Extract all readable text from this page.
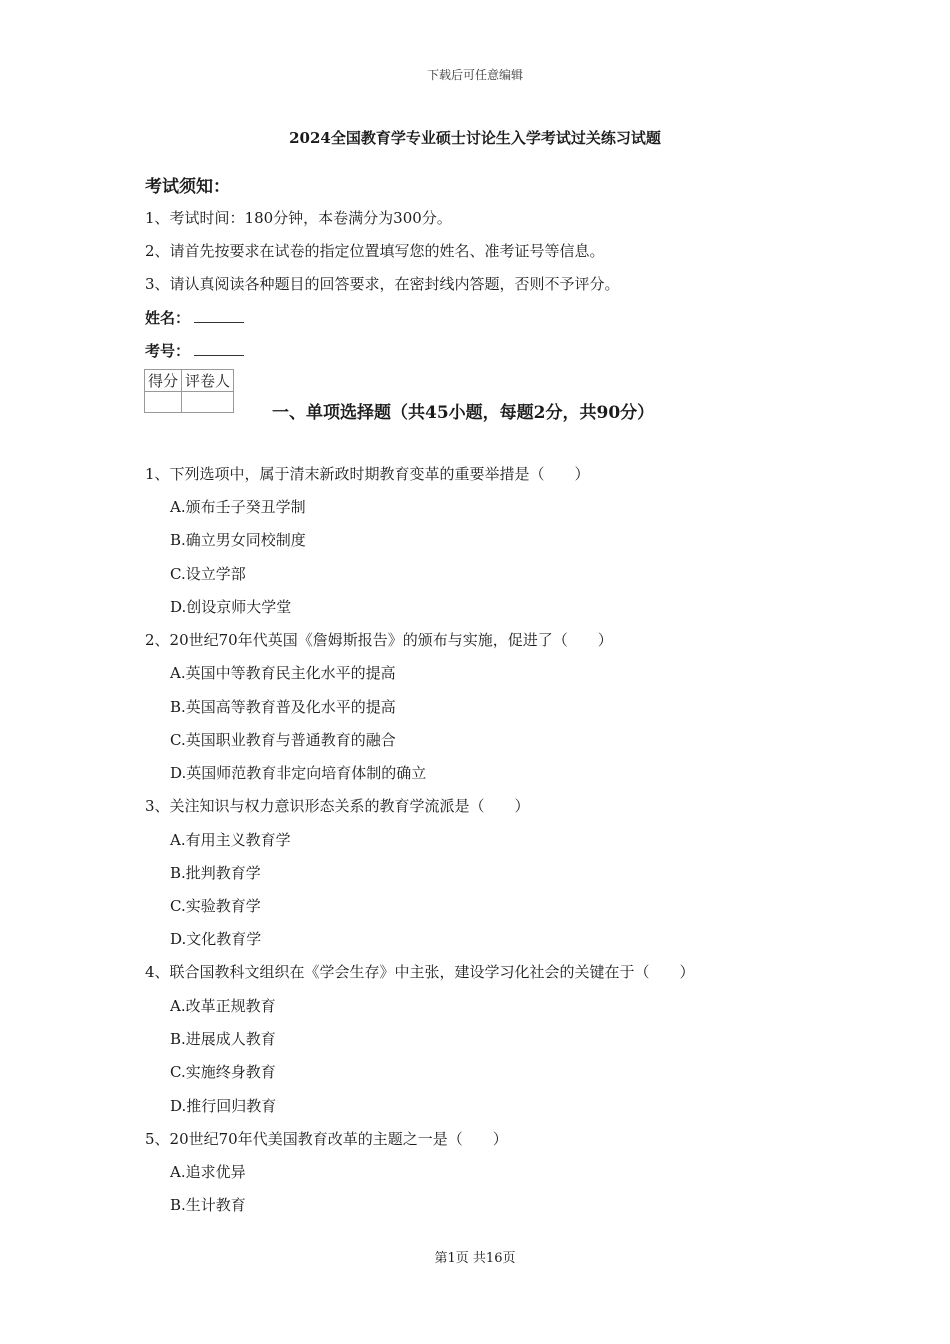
下载后可任意编辑
2024全国教育学专业硕士讨论生入学考试过关练习试题
考试须知：
1、考试时间：180分钟，本卷满分为300分。
2、请首先按要求在试卷的指定位置填写您的姓名、准考证号等信息。
3、请认真阅读各种题目的回答要求，在密封线内答题，否则不予评分。
姓名：
考号：
得分	评卷人

一、单项选择题（共45小题，每题2分，共90分）
1、下列选项中，属于清末新政时期教育变革的重要举措是（　　）
A.颁布壬子癸丑学制
B.确立男女同校制度
C.设立学部
D.创设京师大学堂
2、20世纪70年代英国《詹姆斯报告》的颁布与实施，促进了（　　）
A.英国中等教育民主化水平的提高
B.英国高等教育普及化水平的提高
C.英国职业教育与普通教育的融合
D.英国师范教育非定向培育体制的确立
3、关注知识与权力意识形态关系的教育学流派是（　　）
A.有用主义教育学
B.批判教育学
C.实验教育学
D.文化教育学
4、联合国教科文组织在《学会生存》中主张，建设学习化社会的关键在于（　　）
A.改革正规教育
B.进展成人教育
C.实施终身教育
D.推行回归教育
5、20世纪70年代美国教育改革的主题之一是（　　）
A.追求优异
B.生计教育
第1页 共16页
